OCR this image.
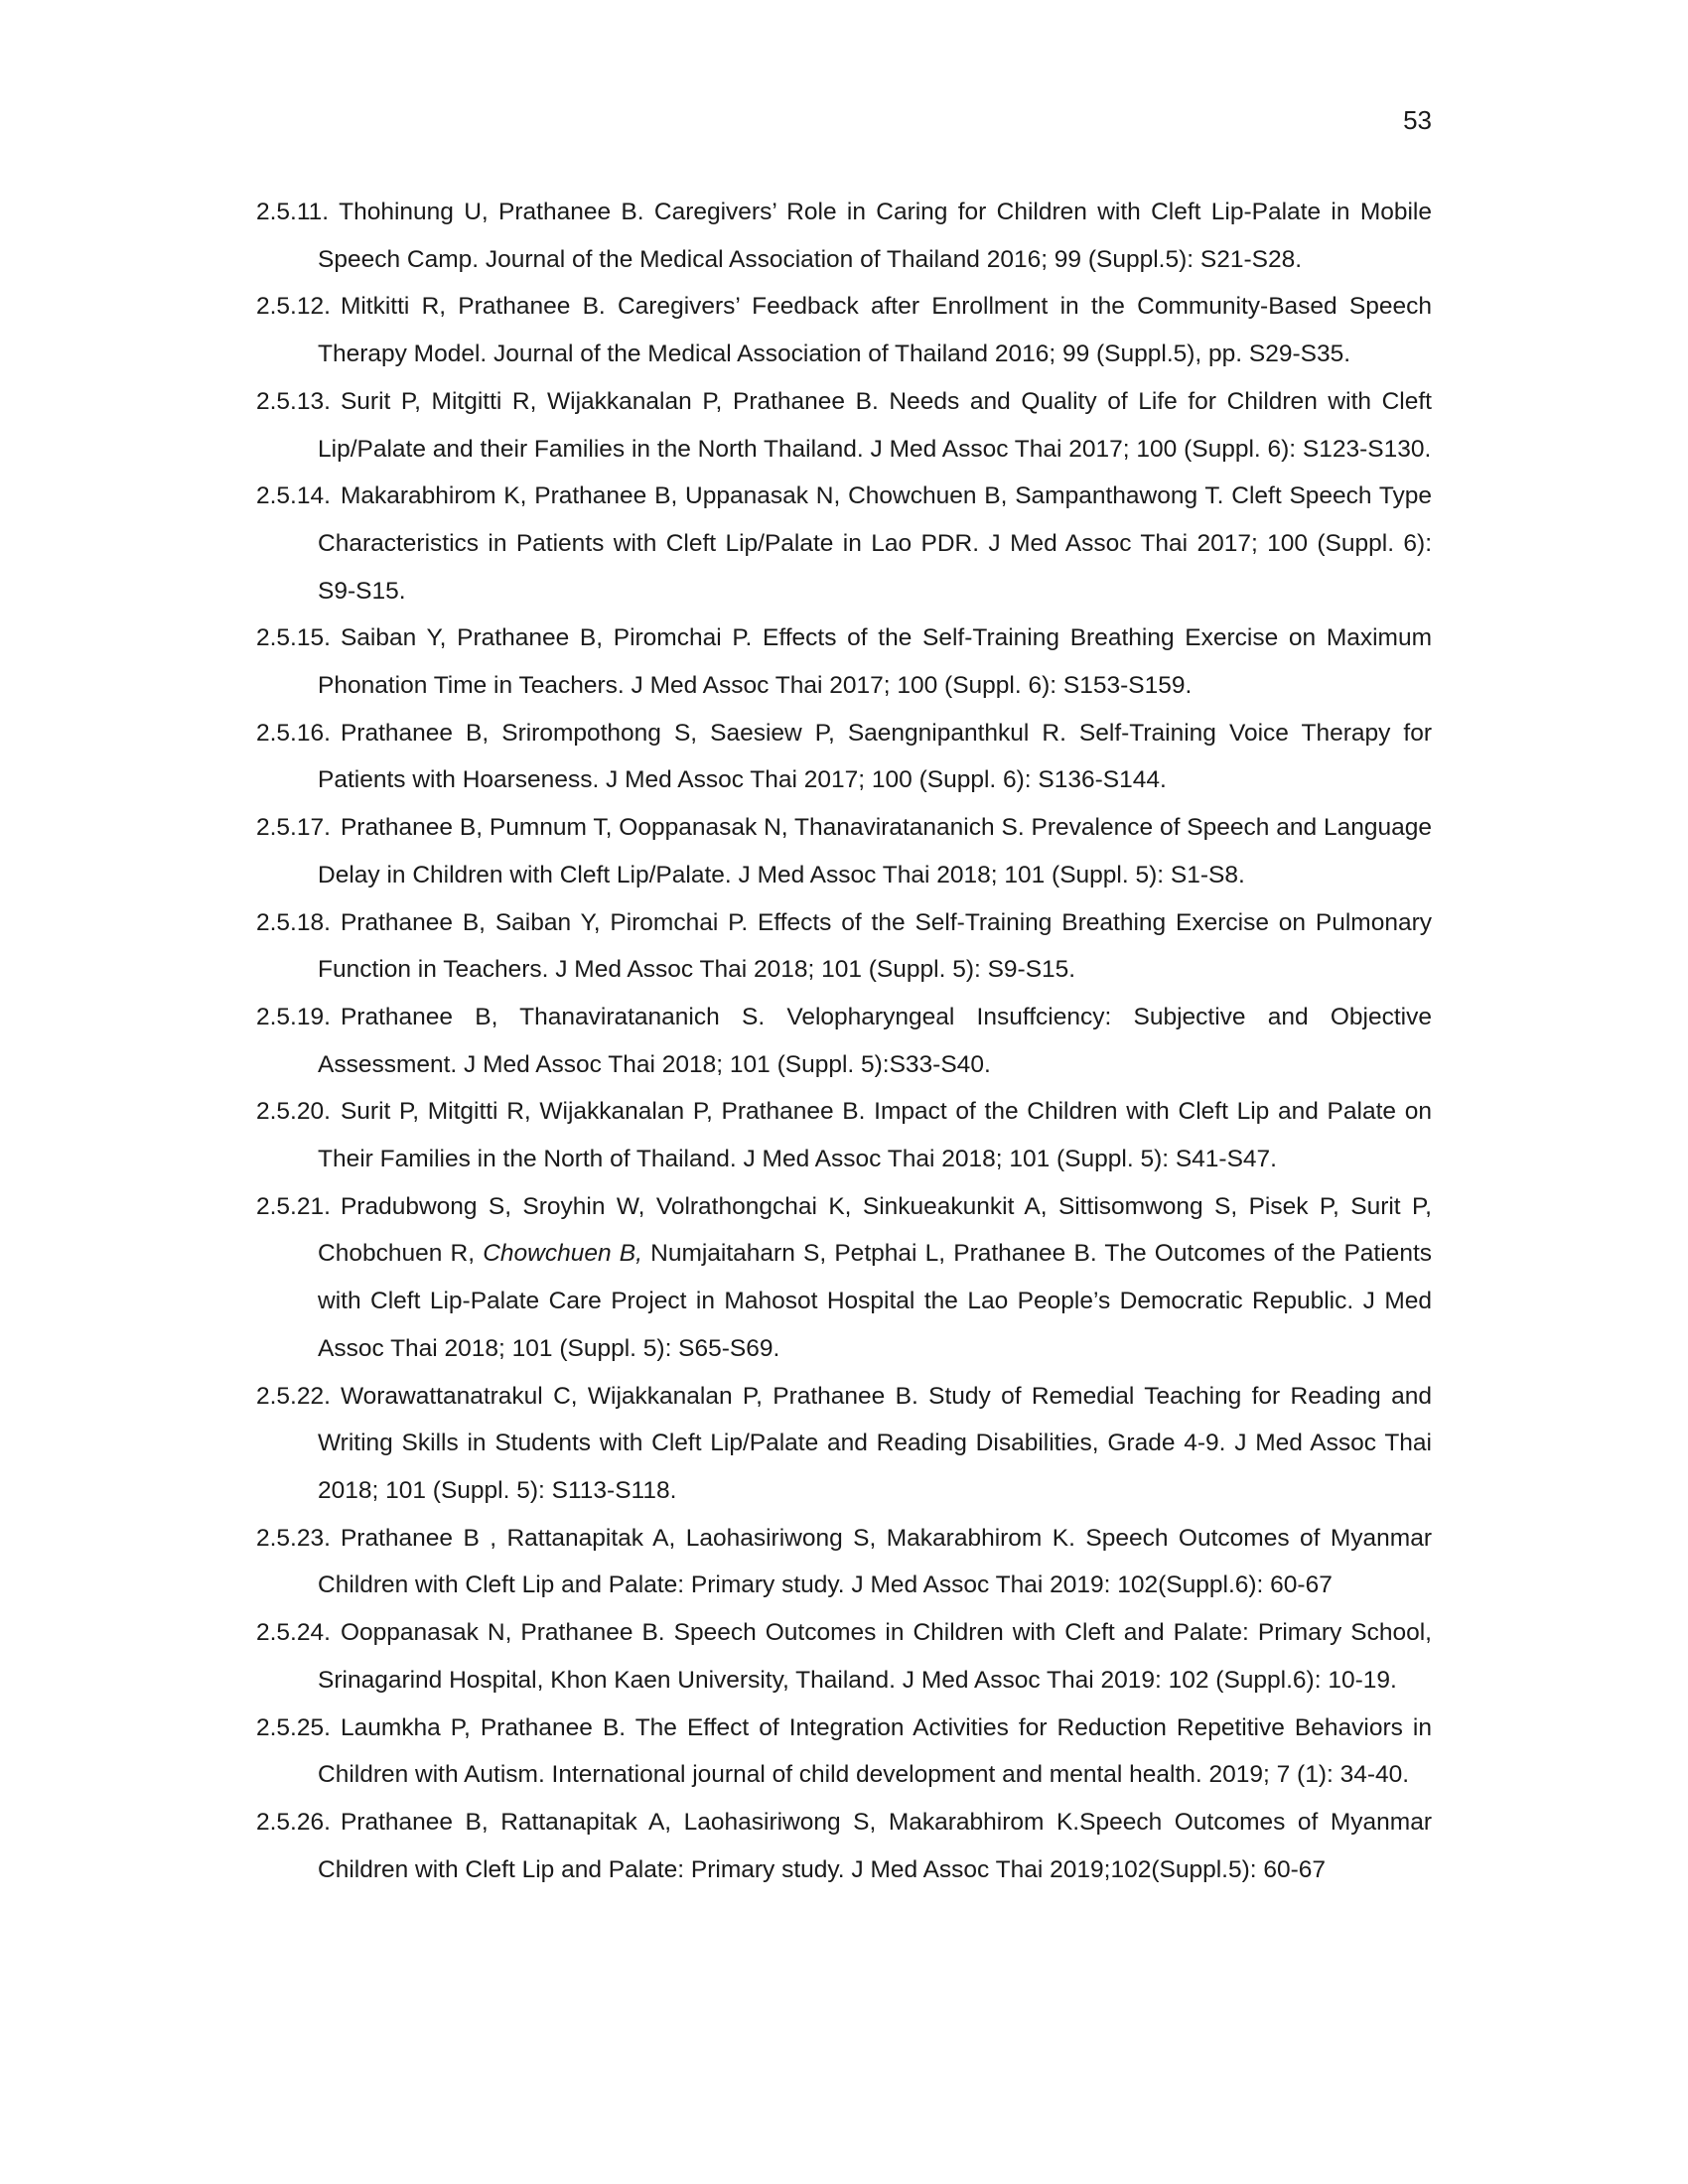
53

2.5.11. Thohinung U, Prathanee B. Caregivers’ Role in Caring for Children with Cleft Lip-Palate in Mobile Speech Camp. Journal of the Medical Association of Thailand 2016; 99 (Suppl.5): S21-S28.

2.5.12. Mitkitti R, Prathanee B. Caregivers’ Feedback after Enrollment in the Community-Based Speech Therapy Model. Journal of the Medical Association of Thailand 2016; 99 (Suppl.5), pp. S29-S35.

2.5.13. Surit P, Mitgitti R, Wijakkanalan P, Prathanee B. Needs and Quality of Life for Children with Cleft Lip/Palate and their Families in the North Thailand. J Med Assoc Thai 2017; 100 (Suppl. 6): S123-S130.

2.5.14. Makarabhirom K, Prathanee B, Uppanasak N, Chowchuen B, Sampanthawong T. Cleft Speech Type Characteristics in Patients with Cleft Lip/Palate in Lao PDR. J Med Assoc Thai 2017; 100 (Suppl. 6): S9-S15.

2.5.15. Saiban Y, Prathanee B, Piromchai P. Effects of the Self-Training Breathing Exercise on Maximum Phonation Time in Teachers. J Med Assoc Thai 2017; 100 (Suppl. 6): S153-S159.

2.5.16. Prathanee B, Srirompothong S, Saesiew P, Saengnipanthkul R. Self-Training Voice Therapy for Patients with Hoarseness. J Med Assoc Thai 2017; 100 (Suppl. 6): S136-S144.

2.5.17. Prathanee B, Pumnum T, Ooppanasak N, Thanaviratananich S. Prevalence of Speech and Language Delay in Children with Cleft Lip/Palate. J Med Assoc Thai 2018; 101 (Suppl. 5): S1-S8.

2.5.18. Prathanee B, Saiban Y, Piromchai P. Effects of the Self-Training Breathing Exercise on Pulmonary Function in Teachers. J Med Assoc Thai 2018; 101 (Suppl. 5): S9-S15.

2.5.19. Prathanee B, Thanaviratananich S. Velopharyngeal Insuffciency: Subjective and Objective Assessment. J Med Assoc Thai 2018; 101 (Suppl. 5):S33-S40.

2.5.20. Surit P, Mitgitti R, Wijakkanalan P, Prathanee B. Impact of the Children with Cleft Lip and Palate on Their Families in the North of Thailand. J Med Assoc Thai 2018; 101 (Suppl. 5): S41-S47.

2.5.21. Pradubwong S, Sroyhin W, Volrathongchai K, Sinkueakunkit A, Sittisomwong S, Pisek P, Surit P, Chobchuen R, Chowchuen B, Numjaitaharn S, Petphai L, Prathanee B. The Outcomes of the Patients with Cleft Lip-Palate Care Project in Mahosot Hospital the Lao People’s Democratic Republic. J Med Assoc Thai 2018; 101 (Suppl. 5): S65-S69.

2.5.22. Worawattanatrakul C, Wijakkanalan P, Prathanee B. Study of Remedial Teaching for Reading and Writing Skills in Students with Cleft Lip/Palate and Reading Disabilities, Grade 4-9. J Med Assoc Thai 2018; 101 (Suppl. 5): S113-S118.

2.5.23. Prathanee B , Rattanapitak A, Laohasiriwong S, Makarabhirom K. Speech Outcomes of Myanmar Children with Cleft Lip and Palate: Primary study. J Med Assoc Thai 2019: 102(Suppl.6): 60-67

2.5.24. Ooppanasak N, Prathanee B. Speech Outcomes in Children with Cleft and Palate: Primary School, Srinagarind Hospital, Khon Kaen University, Thailand. J Med Assoc Thai 2019: 102 (Suppl.6): 10-19.

2.5.25. Laumkha P, Prathanee B. The Effect of Integration Activities for Reduction Repetitive Behaviors in Children with Autism. International journal of child development and mental health. 2019; 7 (1): 34-40.

2.5.26. Prathanee B, Rattanapitak A, Laohasiriwong S, Makarabhirom K.Speech Outcomes of Myanmar Children with Cleft Lip and Palate: Primary study. J Med Assoc Thai 2019;102(Suppl.5): 60-67
